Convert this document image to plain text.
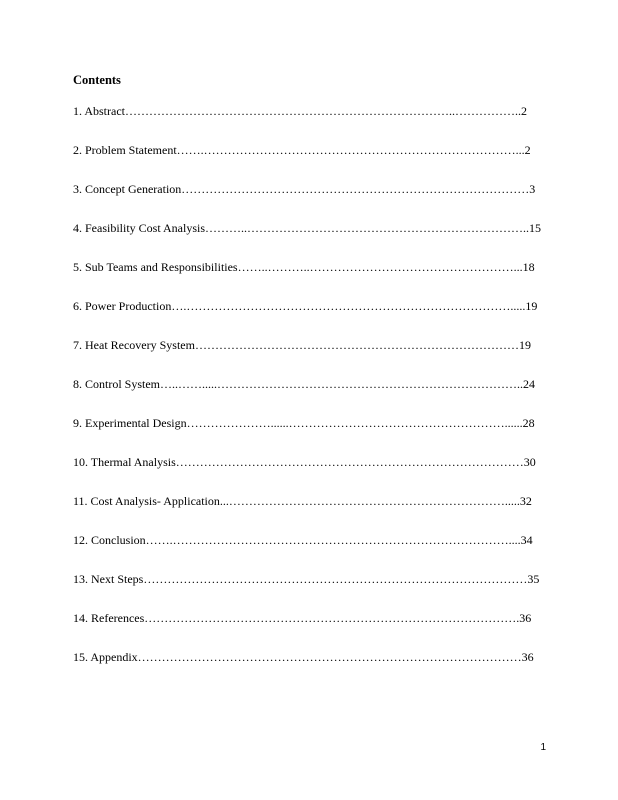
Contents
1. Abstract………………………………………………………………………..……………..2
2. Problem Statement…….……………………………………………………………………...2
3. Concept Generation……………………………………………………………………………3
4. Feasibility Cost Analysis………..……………………………………………………………..15
5. Sub Teams and Responsibilities……..………..……………………………………………...18
6. Power Production….……………………………………………………………………….....19
7. Heat Recovery System………………………………………………………………………19
8. Control System…..…….....…………………………………………………………………..24
9. Experimental Design…………………......………………………………………………......28
10. Thermal Analysis……………………………………………………………………………30
11. Cost Analysis- Application...…………………………………………………………….....32
12. Conclusion…….…………………………………………………………………………....34
13. Next Steps……………………………………………………………………………………35
14. References………………………………………………………………………………….36
15. Appendix……………………………………………………………………………………36
1
